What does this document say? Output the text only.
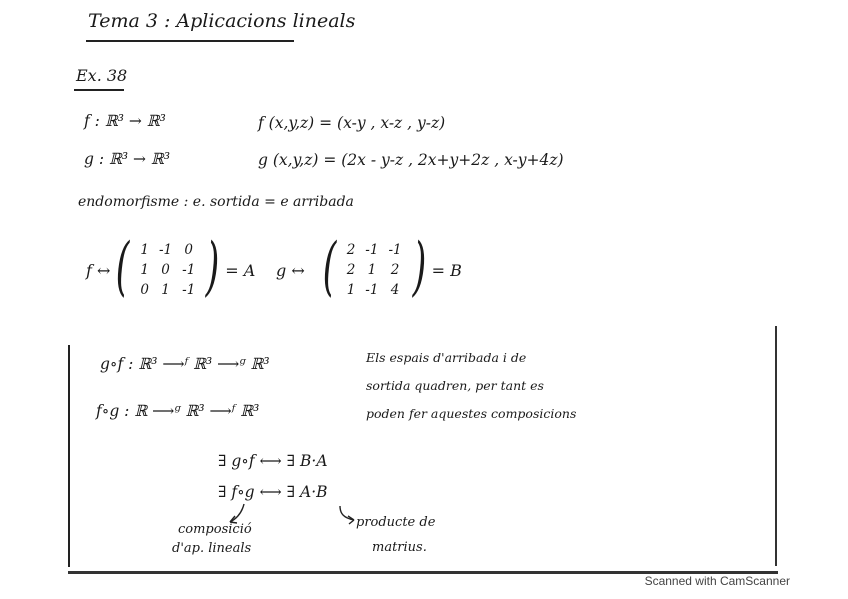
Tema 3 : Aplicacions lineals
Ex. 38
f : ℝ³ → ℝ³	f (x,y,z) = (x-y , x-z , y-z)
g : ℝ³ → ℝ³	g (x,y,z) = (2x - y-z , 2x+y+2z , x-y+4z)
endomorfisme : e. sortida = e arribada
f ↔ ( 1	-1	0
1	0	-1
0	1	-1 ) = A g ↔ ( 2	-1	-1
2	1	2
1	-1	4 ) = B
g∘f : ℝ³ ⟶ᶠ ℝ³ ⟶ᵍ ℝ³
f∘g : ℝ ⟶ᵍ ℝ³ ⟶ᶠ ℝ³
Els espais d'arribada i de
sortida quadren, per tant es
poden fer aquestes composicions
∃ g∘f ⟷ ∃ B·A
∃ f∘g ⟷ ∃ A·B
composició
d'ap. lineals
producte de
matrius.
Scanned with CamScanner
